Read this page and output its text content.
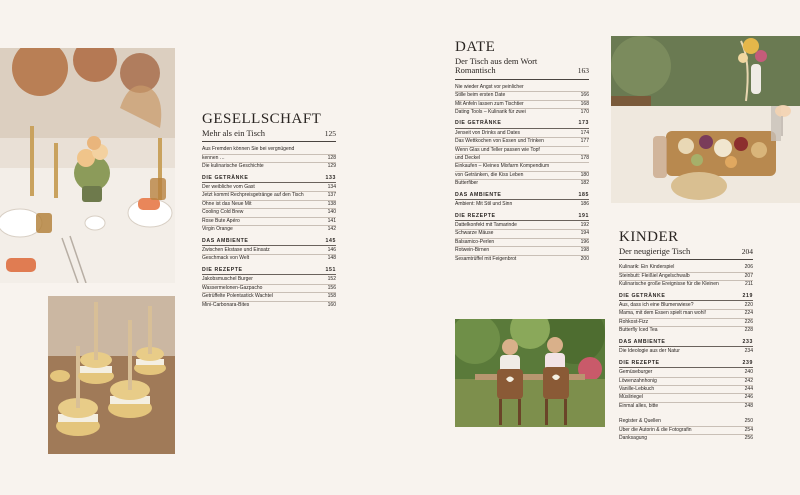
GESELLSCHAFT
Mehr als ein Tisch	125
Aus Fremden können Sie bei vergnügend
kennen …	128
Die kulinarische Geschichte	129
DIE GETRÄNKE	133
Der weibliche vom Gast	134
Jetzt kommt Rechpreisgetränge auf den Tisch	137
Ohne ist das Neue Mit	138
Cooling Cold Brew	140
Rose Bute Apérо	141
Virgin Orange	142
DAS AMBIENTE	145
Zwischen Ekstase und Einsatz	146
Geschmack von Welt	148
DIE REZEPTE	151
Jakobsmuschel Burger	152
Wassermelonen-Gazpacho	156
Getrüffelte Polentastick Wachtel	158
Mini-Carbonara-Bites	160
DATE
Der Tisch aus dem Wort Romantisch	163
Nie wieder Angst vor peinlicher
Stille beim ersten Date	166
Mit Anfeln lassen zum Tischtier	168
Dating Tools – Kulinarik für zwei	170
DIE GETRÄNKE	173
Jenseit von Drinks and Dates	174
Das Wettkochen von Essen und Trinken	177
Wenn Glas und Teller passen wie Topf
und Deckel	178
Einkaufen – Kleines Mixfarm Kompendium
von Getränken, die Kiss Leben	180
Butterfiber	182
DAS AMBIENTE	185
Ambient: Mit Stil und Sinn	186
DIE REZEPTE	191
Dattelkonfekt mit Tamarinde	192
Schwarze Mäuse	194
Balsamico-Perlen	196
Rotwein-Birnen	198
Sesamtrüffel mit Feigenbrot	200
KINDER
Der neugierige Tisch	204
Kulinarik: Ein Kinderspiel	206
Steinbutt: Fleißiel Angelschwalb	207
Kulinarische große Ereignisse für die Kleinen	211
DIE GETRÄNKE	219
Aus, dass ich eine Blumenwiese?	220
Mama, mit dem Essen spielt man wohl!	224
Rohkost-Fizz	226
Butterfly Iced Tea	228
DAS AMBIENTE	233
Die Ideologie aus der Natur	234
DIE REZEPTE	239
Gemüseburger	240
Löwenzahnhonig	242
Vanille-Lebkuch	244
Müsliriegel	246
Einmal alles, bitte	248
Register & Quellen	250
Über die Autorin & die Fotografin	254
Danksagung	256
